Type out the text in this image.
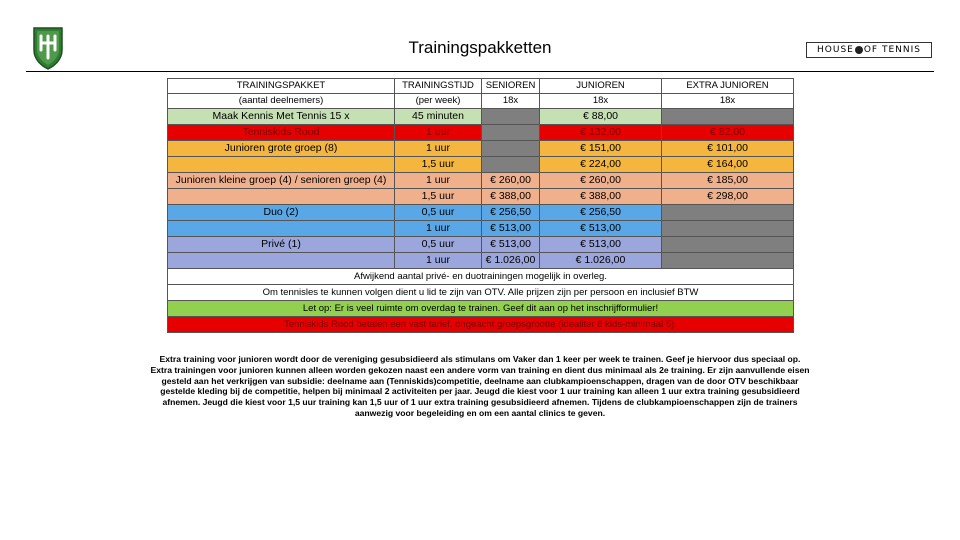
Trainingspakketten	HOUSE OF TENNIS
TRAININGSPAKKET	TRAININGSTIJD	SENIOREN	JUNIOREN	EXTRA JUNIOREN
(aantal deelnemers)	(per week)	18x	18x	18x
Maak Kennis Met Tennis 15 x	45 minuten		€ 88,00	
Tenniskids Rood	1 uur		€ 132,00	€ 82,00
Junioren grote groep (8)	1 uur		€ 151,00	€ 101,00
	1,5 uur		€ 224,00	€ 164,00
Junioren kleine groep (4) / senioren groep (4)	1 uur	€ 260,00	€ 260,00	€ 185,00
	1,5 uur	€ 388,00	€ 388,00	€ 298,00
Duo (2)	0,5 uur	€ 256,50	€ 256,50	
	1 uur	€ 513,00	€ 513,00	
Privé (1)	0,5 uur	€ 513,00	€ 513,00	
	1 uur	€ 1.026,00	€ 1.026,00	
Afwijkend aantal privé- en duotrainingen mogelijk in overleg.				
Om tennisles te kunnen volgen dient u lid te zijn van OTV. Alle prijzen zijn per persoon en inclusief BTW				
Let op: Er is veel ruimte om overdag te trainen. Geef dit aan op het inschrijfformulier!				
Tenniskids Rood betalen een vast tarief, ongeacht groepsgrootte (idealiter 8 kids-minimaal 5).				
Extra training voor junioren wordt door de vereniging gesubsidieerd als stimulans om Vaker dan 1 keer per week te trainen. Geef je hiervoor dus speciaal op. Extra trainingen voor junioren kunnen alleen worden gekozen naast een andere vorm van training en dient dus minimaal als 2e training. Er zijn aanvullende eisen gesteld aan het verkrijgen van subsidie: deelname aan (Tenniskids)competitie, deelname aan clubkampioenschappen, dragen van de door OTV beschikbaar gestelde kleding bij de competitie, helpen bij minimaal 2 activiteiten per jaar. Jeugd die kiest voor 1 uur training kan alleen 1 uur extra training gesubsidieerd afnemen. Jeugd die kiest voor 1,5 uur training kan 1,5 uur of 1 uur extra training gesubsidieerd afnemen. Tijdens de clubkampioenschappen zijn de trainers aanwezig voor begeleiding en om een aantal clinics te geven.
